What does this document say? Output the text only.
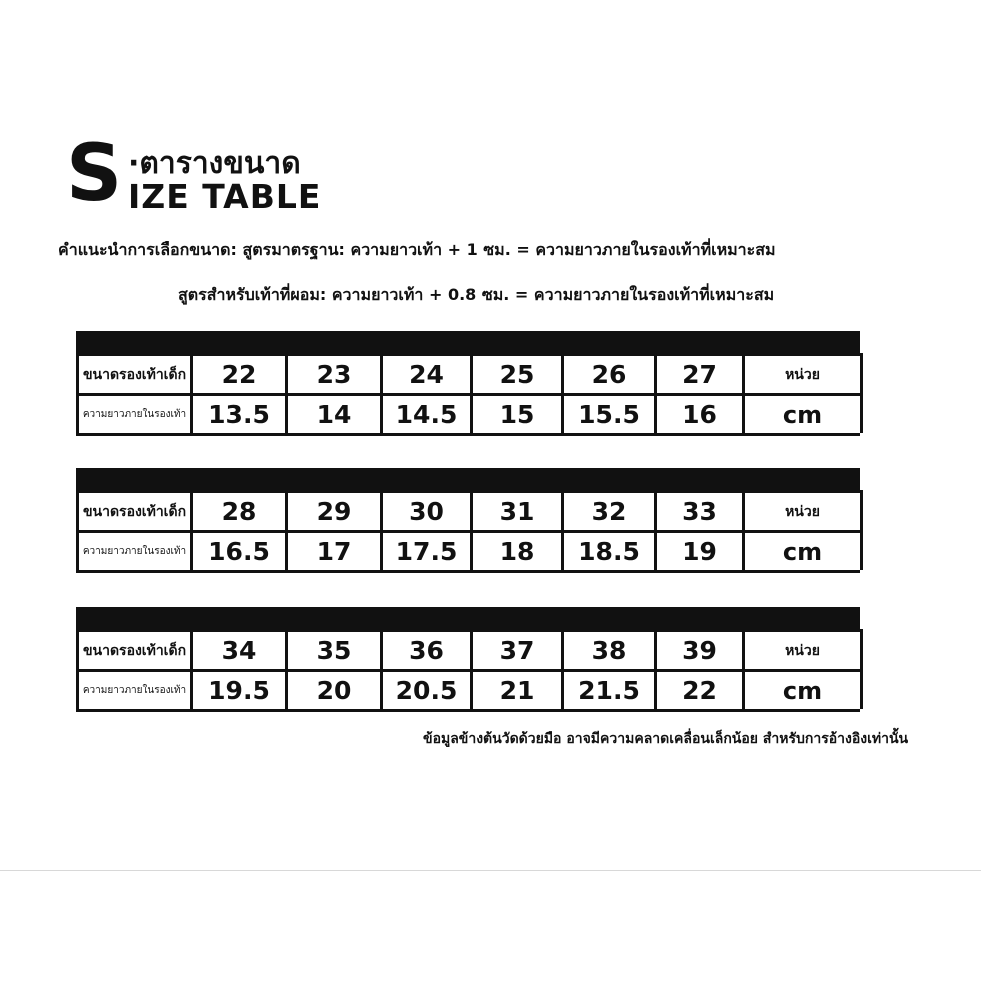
S ·ตารางขนาด
IZE TABLE
คำแนะนำการเลือกขนาด: สูตรมาตรฐาน: ความยาวเท้า + 1 ซม. = ความยาวภายในรองเท้าที่เหมาะสม
สูตรสำหรับเท้าที่ผอม: ความยาวเท้า + 0.8 ซม. = ความยาวภายในรองเท้าที่เหมาะสม
ขนาดรองเท้าเด็ก	22	23	24	25	26	27	หน่วย
ความยาวภายในรองเท้า 13.5	14	14.5	15	15.5	16	cm
ขนาดรองเท้าเด็ก	28	29	30	31	32	33	หน่วย
ความยาวภายในรองเท้า 16.5	17	17.5	18	18.5	19	cm
ขนาดรองเท้าเด็ก	34	35	36	37	38	39	หน่วย
ความยาวภายในรองเท้า 19.5	20	20.5	21	21.5	22	cm
ข้อมูลข้างต้นวัดด้วยมือ อาจมีความคลาดเคลื่อนเล็กน้อย สำหรับการอ้างอิงเท่านั้น
